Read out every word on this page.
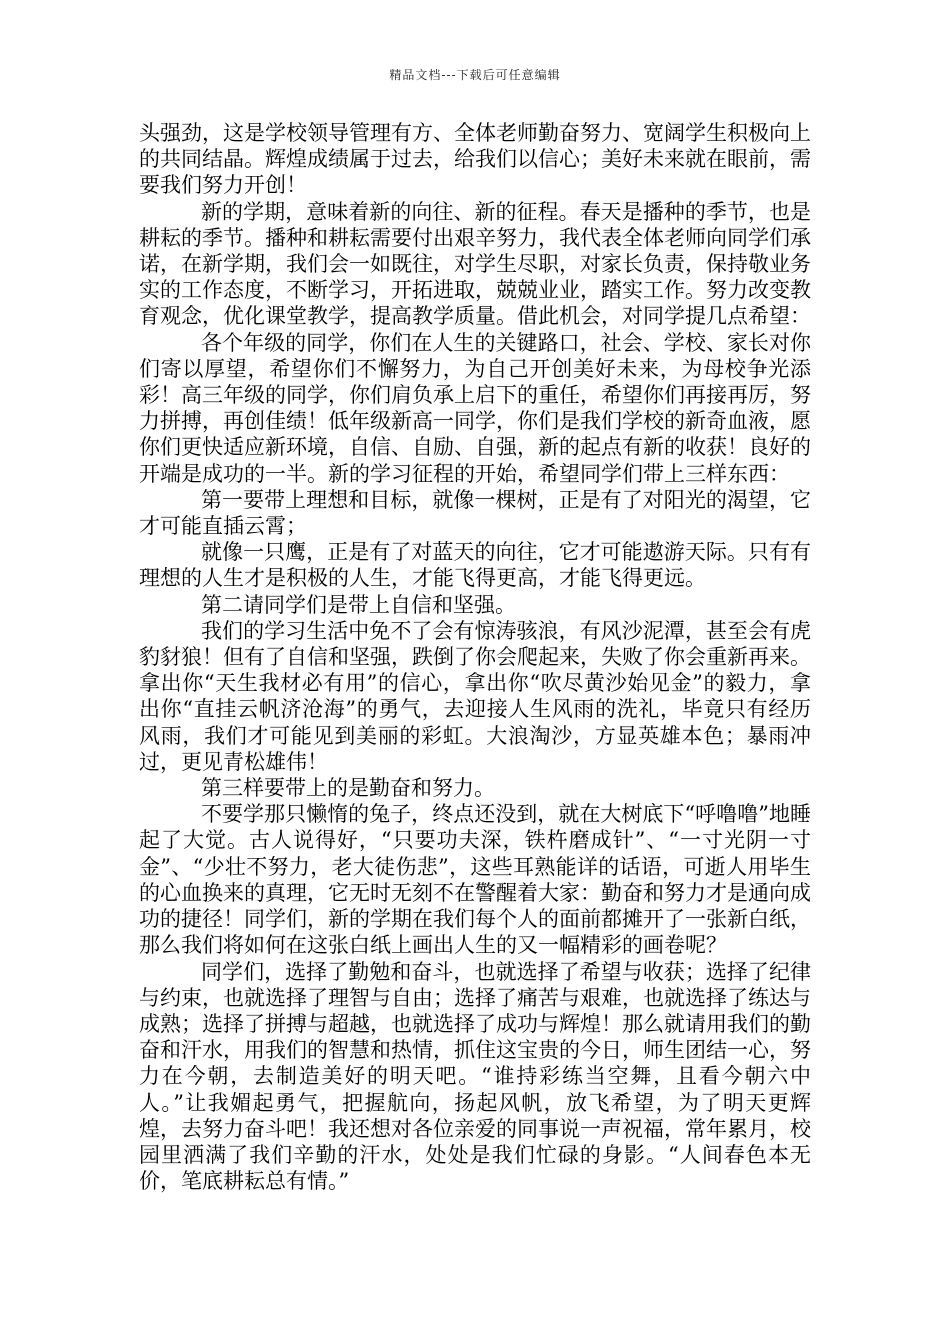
精品文档---下载后可任意编辑

头强劲，这是学校领导管理有方、全体老师勤奋努力、宽阔学生积极向上的共同结晶。辉煌成绩属于过去，给我们以信心；美好未来就在眼前，需要我们努力开创！

新的学期，意味着新的向往、新的征程。春天是播种的季节，也是耕耘的季节。播种和耕耘需要付出艰辛努力，我代表全体老师向同学们承诺，在新学期，我们会一如既往，对学生尽职，对家长负责，保持敬业务实的工作态度，不断学习，开拓进取，兢兢业业，踏实工作。努力改变教育观念，优化课堂教学，提高教学质量。借此机会，对同学提几点希望：

各个年级的同学，你们在人生的关键路口，社会、学校、家长对你们寄以厚望，希望你们不懈努力，为自己开创美好未来，为母校争光添彩！高三年级的同学，你们肩负承上启下的重任，希望你们再接再厉，努力拼搏，再创佳绩！低年级新高一同学，你们是我们学校的新奇血液，愿你们更快适应新环境，自信、自励、自强，新的起点有新的收获！良好的开端是成功的一半。新的学习征程的开始，希望同学们带上三样东西：

第一要带上理想和目标，就像一棵树，正是有了对阳光的渴望，它才可能直插云霄；

就像一只鹰，正是有了对蓝天的向往，它才可能遨游天际。只有有理想的人生才是积极的人生，才能飞得更高，才能飞得更远。

第二请同学们是带上自信和坚强。

我们的学习生活中免不了会有惊涛骇浪，有风沙泥潭，甚至会有虎豹豺狼！但有了自信和坚强，跌倒了你会爬起来，失败了你会重新再来。拿出你“天生我材必有用”的信心，拿出你“吹尽黄沙始见金”的毅力，拿出你“直挂云帆济沧海”的勇气，去迎接人生风雨的洗礼，毕竟只有经历风雨，我们才可能见到美丽的彩虹。大浪淘沙，方显英雄本色；暴雨冲过，更见青松雄伟！

第三样要带上的是勤奋和努力。

不要学那只懒惰的兔子，终点还没到，就在大树底下“呼噜噜”地睡起了大觉。古人说得好，“只要功夫深，铁杵磨成针”、“一寸光阴一寸金”、“少壮不努力，老大徒伤悲”，这些耳熟能详的话语，可逝人用毕生的心血换来的真理，它无时无刻不在警醒着大家：勤奋和努力才是通向成功的捷径！同学们，新的学期在我们每个人的面前都摊开了一张新白纸，那么我们将如何在这张白纸上画出人生的又一幅精彩的画卷呢？

同学们，选择了勤勉和奋斗，也就选择了希望与收获；选择了纪律与约束，也就选择了理智与自由；选择了痛苦与艰难，也就选择了练达与成熟；选择了拼搏与超越，也就选择了成功与辉煌！那么就请用我们的勤奋和汗水，用我们的智慧和热情，抓住这宝贵的今日，师生团结一心，努力在今朝，去制造美好的明天吧。“谁持彩练当空舞，且看今朝六中人。”让我媚起勇气，把握航向，扬起风帆，放飞希望，为了明天更辉煌，去努力奋斗吧！我还想对各位亲爱的同事说一声祝福，常年累月，校园里洒满了我们辛勤的汗水，处处是我们忙碌的身影。“人间春色本无价，笔底耕耘总有情。”
